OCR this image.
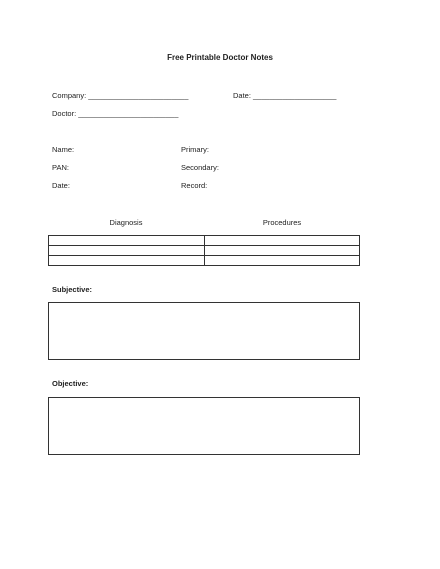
Free Printable Doctor Notes
Company: ________________________	Date: ____________________
Doctor: ________________________
Name:
PAN:
Date:
Primary:
Secondary:
Record:
Diagnosis	Procedures
Subjective:
Objective:
